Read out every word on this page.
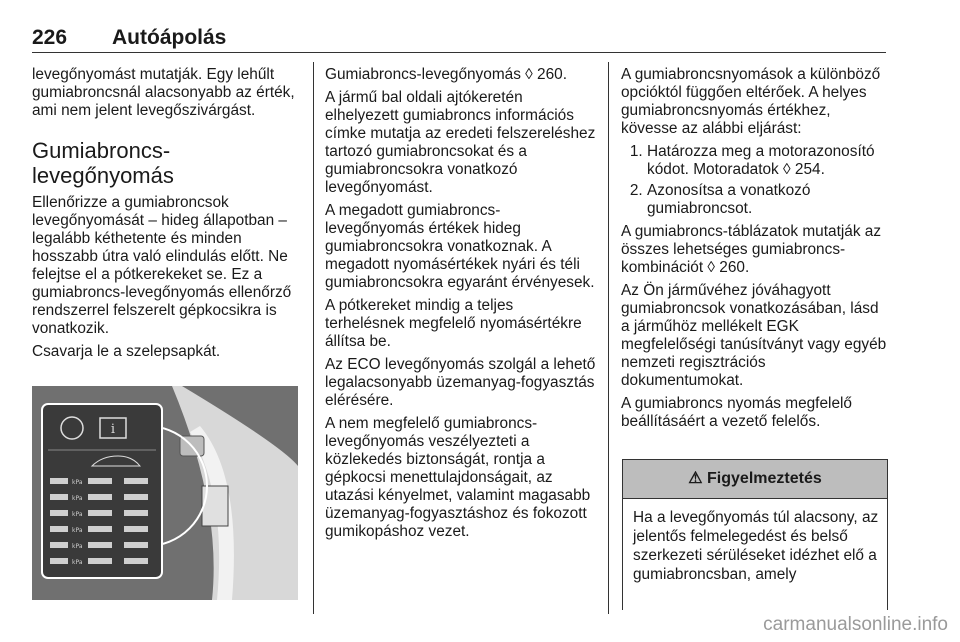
226 Autóápolás

levegőnyomást mutatják. Egy lehűlt gumiabroncsnál alacsonyabb az érték, ami nem jelent levegőszivárgást.

Gumiabroncs-levegőnyomás

Ellenőrizze a gumiabroncsok levegőnyomását – hideg állapotban – legalább kéthetente és minden hosszabb útra való elindulás előtt. Ne felejtse el a pótkerekeket se. Ez a gumiabroncs-levegőnyomás ellenőrző rendszerrel felszerelt gépkocsikra is vonatkozik.

Csavarja le a szelepsapkát.

i
kPa
kPa
kPa
kPa
kPa
kPa

Gumiabroncs-levegőnyomás ◊ 260.

A jármű bal oldali ajtókeretén elhelyezett gumiabroncs információs címke mutatja az eredeti felszereléshez tartozó gumiabroncsokat és a gumiabroncsokra vonatkozó levegőnyomást.

A megadott gumiabroncs-levegőnyomás értékek hideg gumiabroncsokra vonatkoznak. A megadott nyomásértékek nyári és téli gumiabroncsokra egyaránt érvényesek.

A pótkereket mindig a teljes terhelésnek megfelelő nyomásértékre állítsa be.

Az ECO levegőnyomás szolgál a lehető legalacsonyabb üzemanyag-fogyasztás elérésére.

A nem megfelelő gumiabroncs-levegőnyomás veszélyezteti a közlekedés biztonságát, rontja a gépkocsi menettulajdonságait, az utazási kényelmet, valamint magasabb üzemanyag-fogyasztáshoz és fokozott gumikopáshoz vezet.

A gumiabroncsnyomások a különböző opcióktól függően eltérőek. A helyes gumiabroncsnyomás értékhez, kövesse az alábbi eljárást:

1. Határozza meg a motorazonosító kódot. Motoradatok ◊ 254.
2. Azonosítsa a vonatkozó gumiabroncsot.

A gumiabroncs-táblázatok mutatják az összes lehetséges gumiabroncs-kombinációt ◊ 260.

Az Ön járművéhez jóváhagyott gumiabroncsok vonatkozásában, lásd a járműhöz mellékelt EGK megfelelőségi tanúsítványt vagy egyéb nemzeti regisztrációs dokumentumokat.

A gumiabroncs nyomás megfelelő beállításáért a vezető felelős.

⚠ Figyelmeztetés
Ha a levegőnyomás túl alacsony, az jelentős felmelegedést és belső szerkezeti sérüléseket idézhet elő a gumiabroncsban, amely
carmanualsonline.info
